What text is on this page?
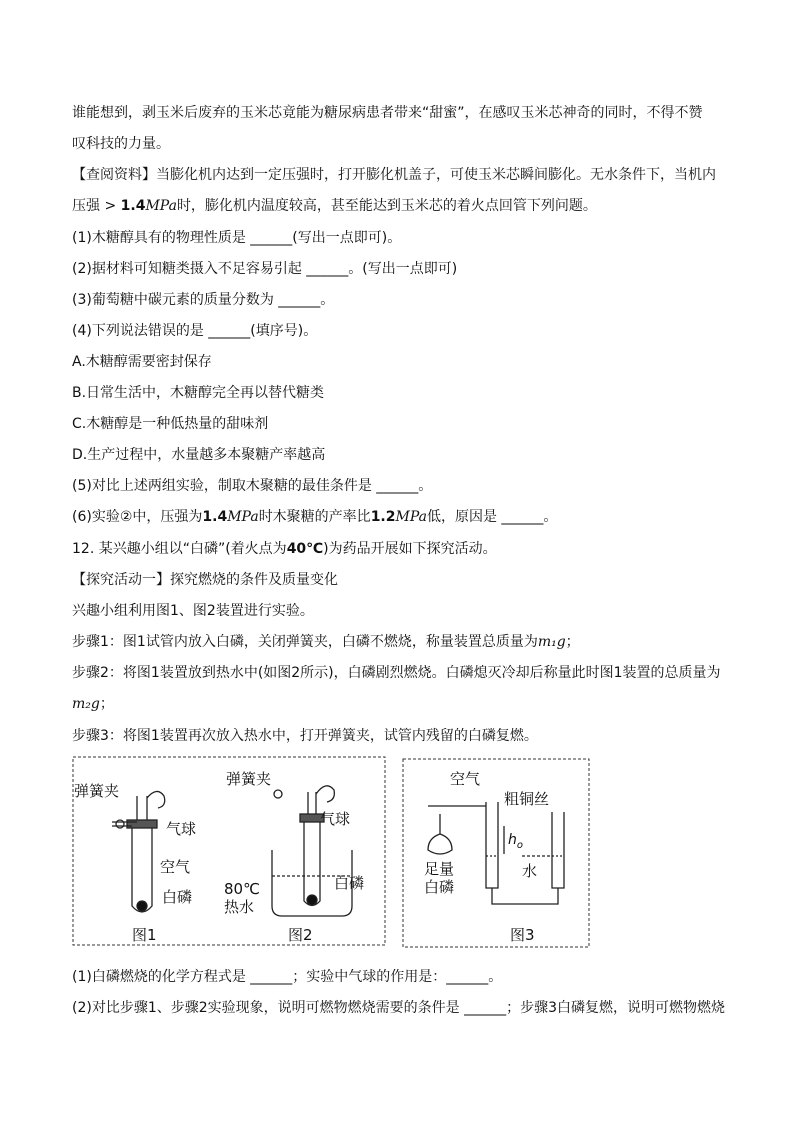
谁能想到，剥玉米后废弃的玉米芯竟能为糖尿病患者带来“甜蜜”，在感叹玉米芯神奇的同时，不得不赞
叹科技的力量。
【查阅资料】当膨化机内达到一定压强时，打开膨化机盖子，可使玉米芯瞬间膨化。无水条件下，当机内
压强 > 1.4MPa时，膨化机内温度较高，甚至能达到玉米芯的着火点回管下列问题。
(1)木糖醇具有的物理性质是 ______(写出一点即可)。
(2)据材料可知糖类摄入不足容易引起 ______。(写出一点即可)
(3)葡萄糖中碳元素的质量分数为 ______。
(4)下列说法错误的是 ______(填序号)。
A.木糖醇需要密封保存
B.日常生活中，木糖醇完全再以替代糖类
C.木糖醇是一种低热量的甜味剂
D.生产过程中，水量越多本聚糖产率越高
(5)对比上述两组实验，制取木聚糖的最佳条件是 ______。
(6)实验②中，压强为1.4MPa时木聚糖的产率比1.2MPa低，原因是 ______。
12. 某兴趣小组以“白磷”(着火点为40℃)为药品开展如下探究活动。
【探究活动一】探究燃烧的条件及质量变化
兴趣小组利用图1、图2装置进行实验。
步骤1：图1试管内放入白磷，关闭弹簧夹，白磷不燃烧，称量装置总质量为m₁g；
步骤2：将图1装置放到热水中(如图2所示)，白磷剧烈燃烧。白磷熄灭冷却后称量此时图1装置的总质量为
m₂g；
步骤3：将图1装置再次放入热水中，打开弹簧夹，试管内残留的白磷复燃。
弹簧夹
气球
空气
白磷
图1
弹簧夹
气球
80℃
热水
白磷
图2
空气
粗铜丝
$h_o$
水
足量
白磷
图3
(1)白磷燃烧的化学方程式是 ______；实验中气球的作用是：______。
(2)对比步骤1、步骤2实验现象，说明可燃物燃烧需要的条件是 ______；步骤3白磷复燃，说明可燃物燃烧
